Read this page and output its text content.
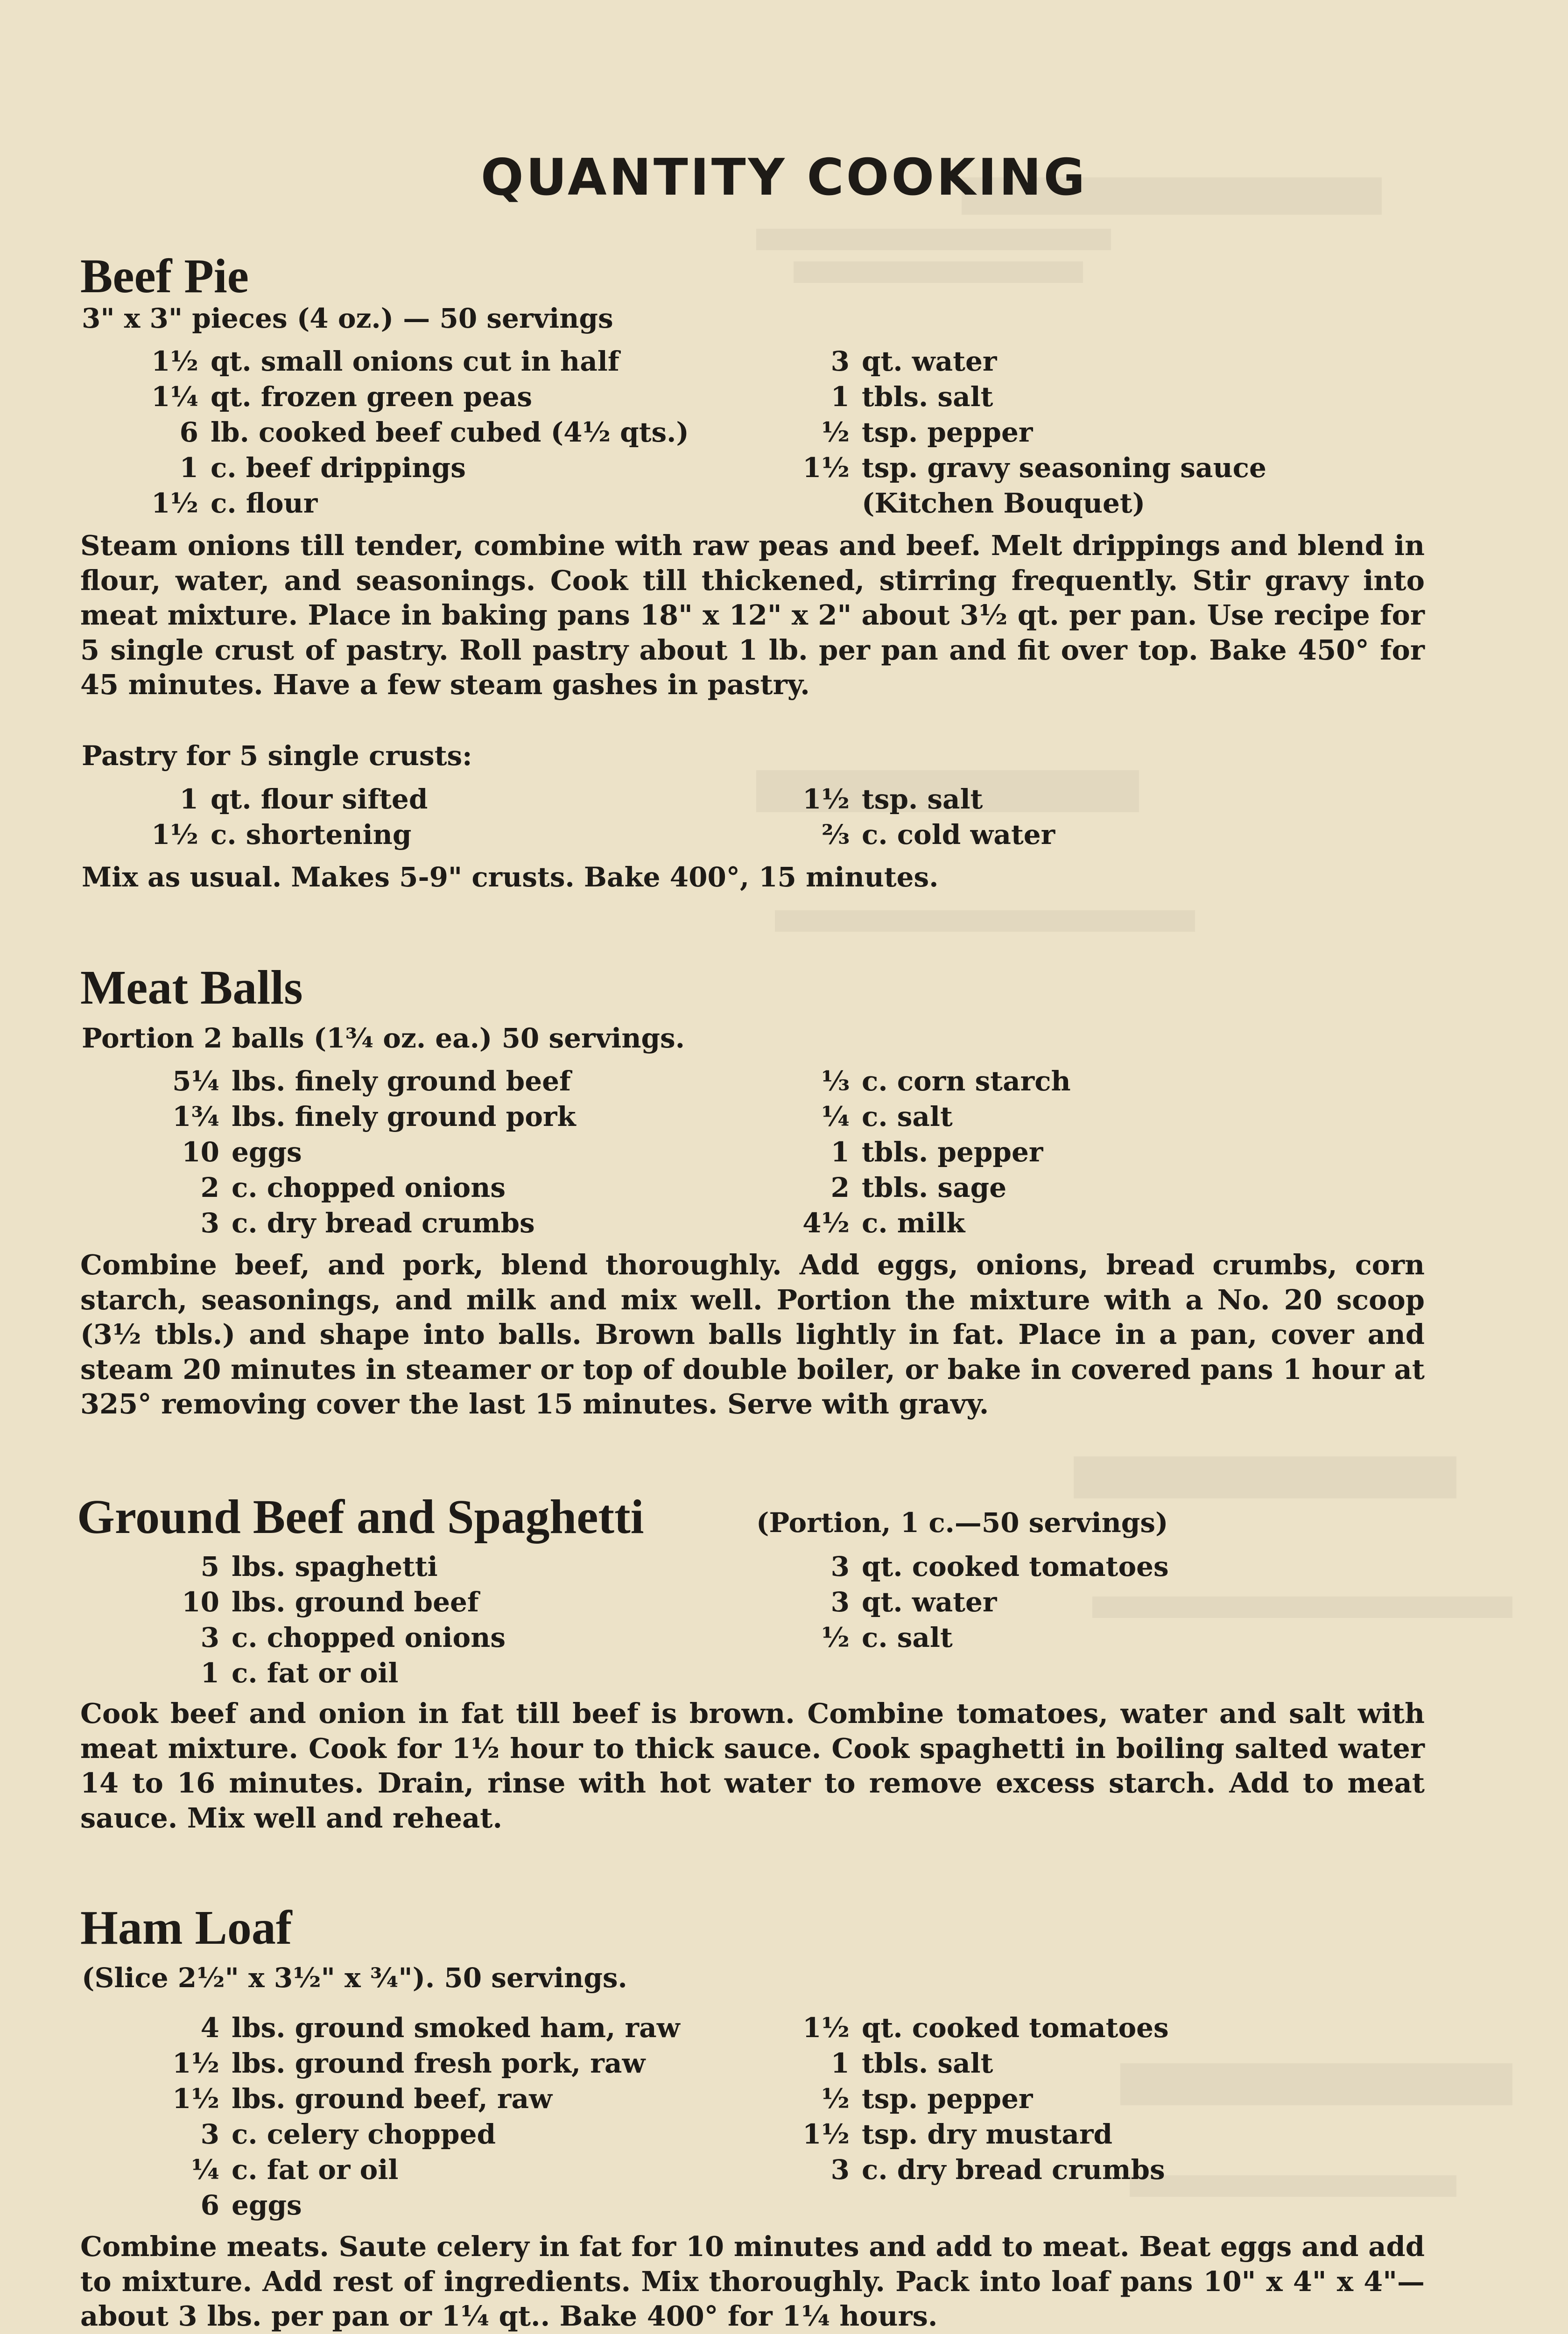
QUANTITY COOKING
Beef Pie
3" x 3" pieces (4 oz.) — 50 servings
1½ qt. small onions cut in half
1¼ qt. frozen green peas
6 lb. cooked beef cubed (4½ qts.)
1 c. beef drippings
1½ c. flour
3 qt. water
1 tbls. salt
½ tsp. pepper
1½ tsp. gravy seasoning sauce
(Kitchen Bouquet)

Steam onions till tender, combine with raw peas and beef. Melt drippings and blend in flour, water, and seasonings. Cook till thickened, stirring frequently. Stir gravy into meat mixture. Place in baking pans 18" x 12" x 2" about 3½ qt. per pan. Use recipe for 5 single crust of pastry. Roll pastry about 1 lb. per pan and fit over top. Bake 450° for 45 minutes. Have a few steam gashes in pastry.

Pastry for 5 single crusts:
1 qt. flour sifted
1½ c. shortening
1½ tsp. salt
⅔ c. cold water
Mix as usual. Makes 5-9" crusts. Bake 400°, 15 minutes.
Meat Balls
Portion 2 balls (1¾ oz. ea.) 50 servings.
5¼ lbs. finely ground beef
1¾ lbs. finely ground pork
10 eggs
2 c. chopped onions
3 c. dry bread crumbs
⅓ c. corn starch
¼ c. salt
1 tbls. pepper
2 tbls. sage
4½ c. milk

Combine beef, and pork, blend thoroughly. Add eggs, onions, bread crumbs, corn starch, seasonings, and milk and mix well. Portion the mixture with a No. 20 scoop (3½ tbls.) and shape into balls. Brown balls lightly in fat. Place in a pan, cover and steam 20 minutes in steamer or top of double boiler, or bake in covered pans 1 hour at 325° removing cover the last 15 minutes. Serve with gravy.

Ground Beef and Spaghetti	(Portion, 1 c.—50 servings)
5 lbs. spaghetti
10 lbs. ground beef
3 c. chopped onions
1 c. fat or oil
3 qt. cooked tomatoes
3 qt. water
½ c. salt

Cook beef and onion in fat till beef is brown. Combine tomatoes, water and salt with meat mixture. Cook for 1½ hour to thick sauce. Cook spaghetti in boiling salted water 14 to 16 minutes. Drain, rinse with hot water to remove excess starch. Add to meat sauce. Mix well and reheat.

Ham Loaf
(Slice 2½" x 3½" x ¾"). 50 servings.
4 lbs. ground smoked ham, raw
1½ lbs. ground fresh pork, raw
1½ lbs. ground beef, raw
3 c. celery chopped
¼ c. fat or oil
6 eggs
1½ qt. cooked tomatoes
1 tbls. salt
½ tsp. pepper
1½ tsp. dry mustard
3 c. dry bread crumbs

Combine meats. Saute celery in fat for 10 minutes and add to meat. Beat eggs and add to mixture. Add rest of ingredients. Mix thoroughly. Pack into loaf pans 10" x 4" x 4"—about 3 lbs. per pan or 1¼ qt.. Bake 400° for 1¼ hours.
